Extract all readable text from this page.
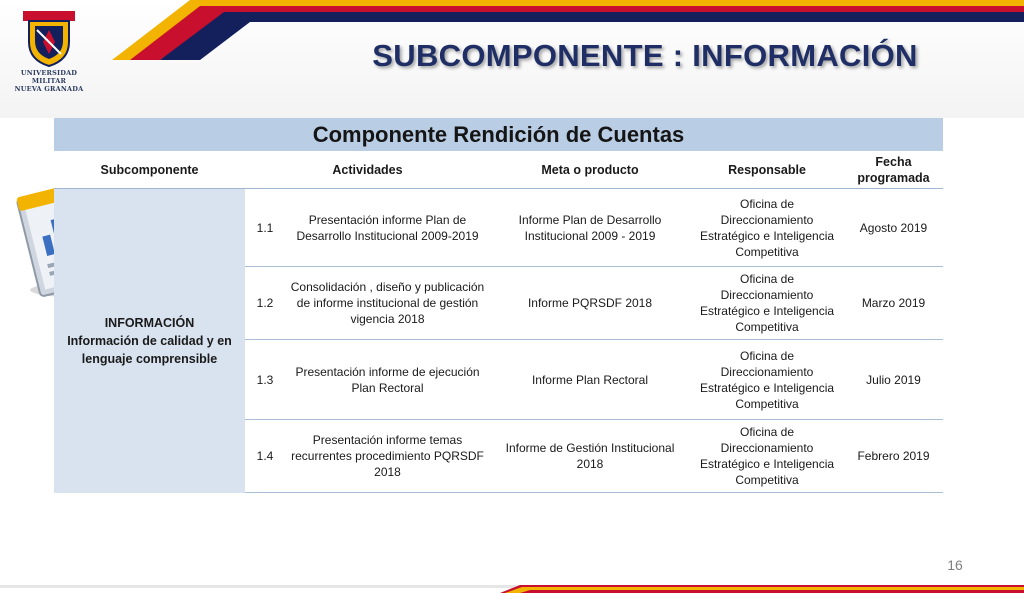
UNIVERSIDAD MILITAR
NUEVA GRANADA
SUBCOMPONENTE : INFORMACIÓN
Componente Rendición de Cuentas					
Subcomponente	Actividades		Meta o producto	Responsable	Fecha programada

INFORMACIÓN
Información de calidad y en lenguaje comprensible	1.1	Presentación informe Plan de Desarrollo Institucional 2009-2019	Informe Plan de Desarrollo Institucional 2009 - 2019	Oficina de Direccionamiento Estratégico e Inteligencia Competitiva	Agosto 2019
	1.2	Consolidación , diseño y publicación de informe institucional de gestión vigencia 2018	Informe PQRSDF 2018	Oficina de Direccionamiento Estratégico e Inteligencia Competitiva	Marzo 2019
	1.3	Presentación informe de ejecución Plan Rectoral	Informe Plan Rectoral	Oficina de Direccionamiento Estratégico e Inteligencia Competitiva	Julio 2019
	1.4	Presentación informe temas recurrentes procedimiento PQRSDF 2018	Informe de Gestión Institucional 2018	Oficina de Direccionamiento Estratégico e Inteligencia Competitiva	Febrero 2019
16
